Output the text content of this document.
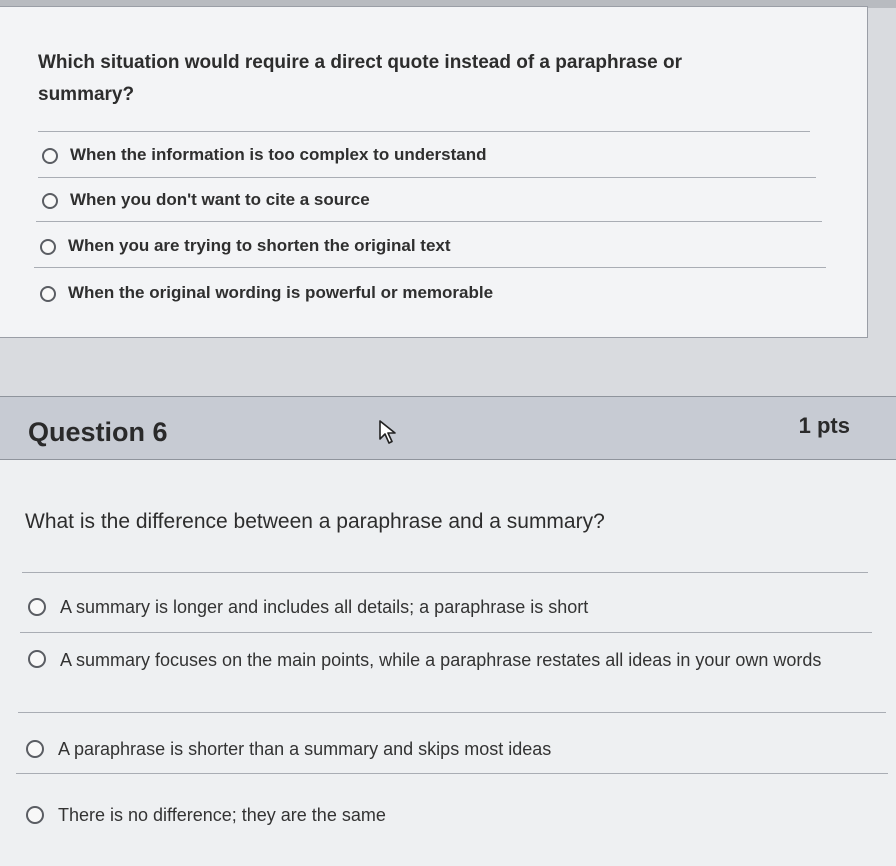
Which situation would require a direct quote instead of a paraphrase or summary?
When the information is too complex to understand
When you don't want to cite a source
When you are trying to shorten the original text
When the original wording is powerful or memorable
Question 6	1 pts
What is the difference between a paraphrase and a summary?
A summary is longer and includes all details; a paraphrase is short
A summary focuses on the main points, while a paraphrase restates all ideas in your own words
A paraphrase is shorter than a summary and skips most ideas
There is no difference; they are the same
